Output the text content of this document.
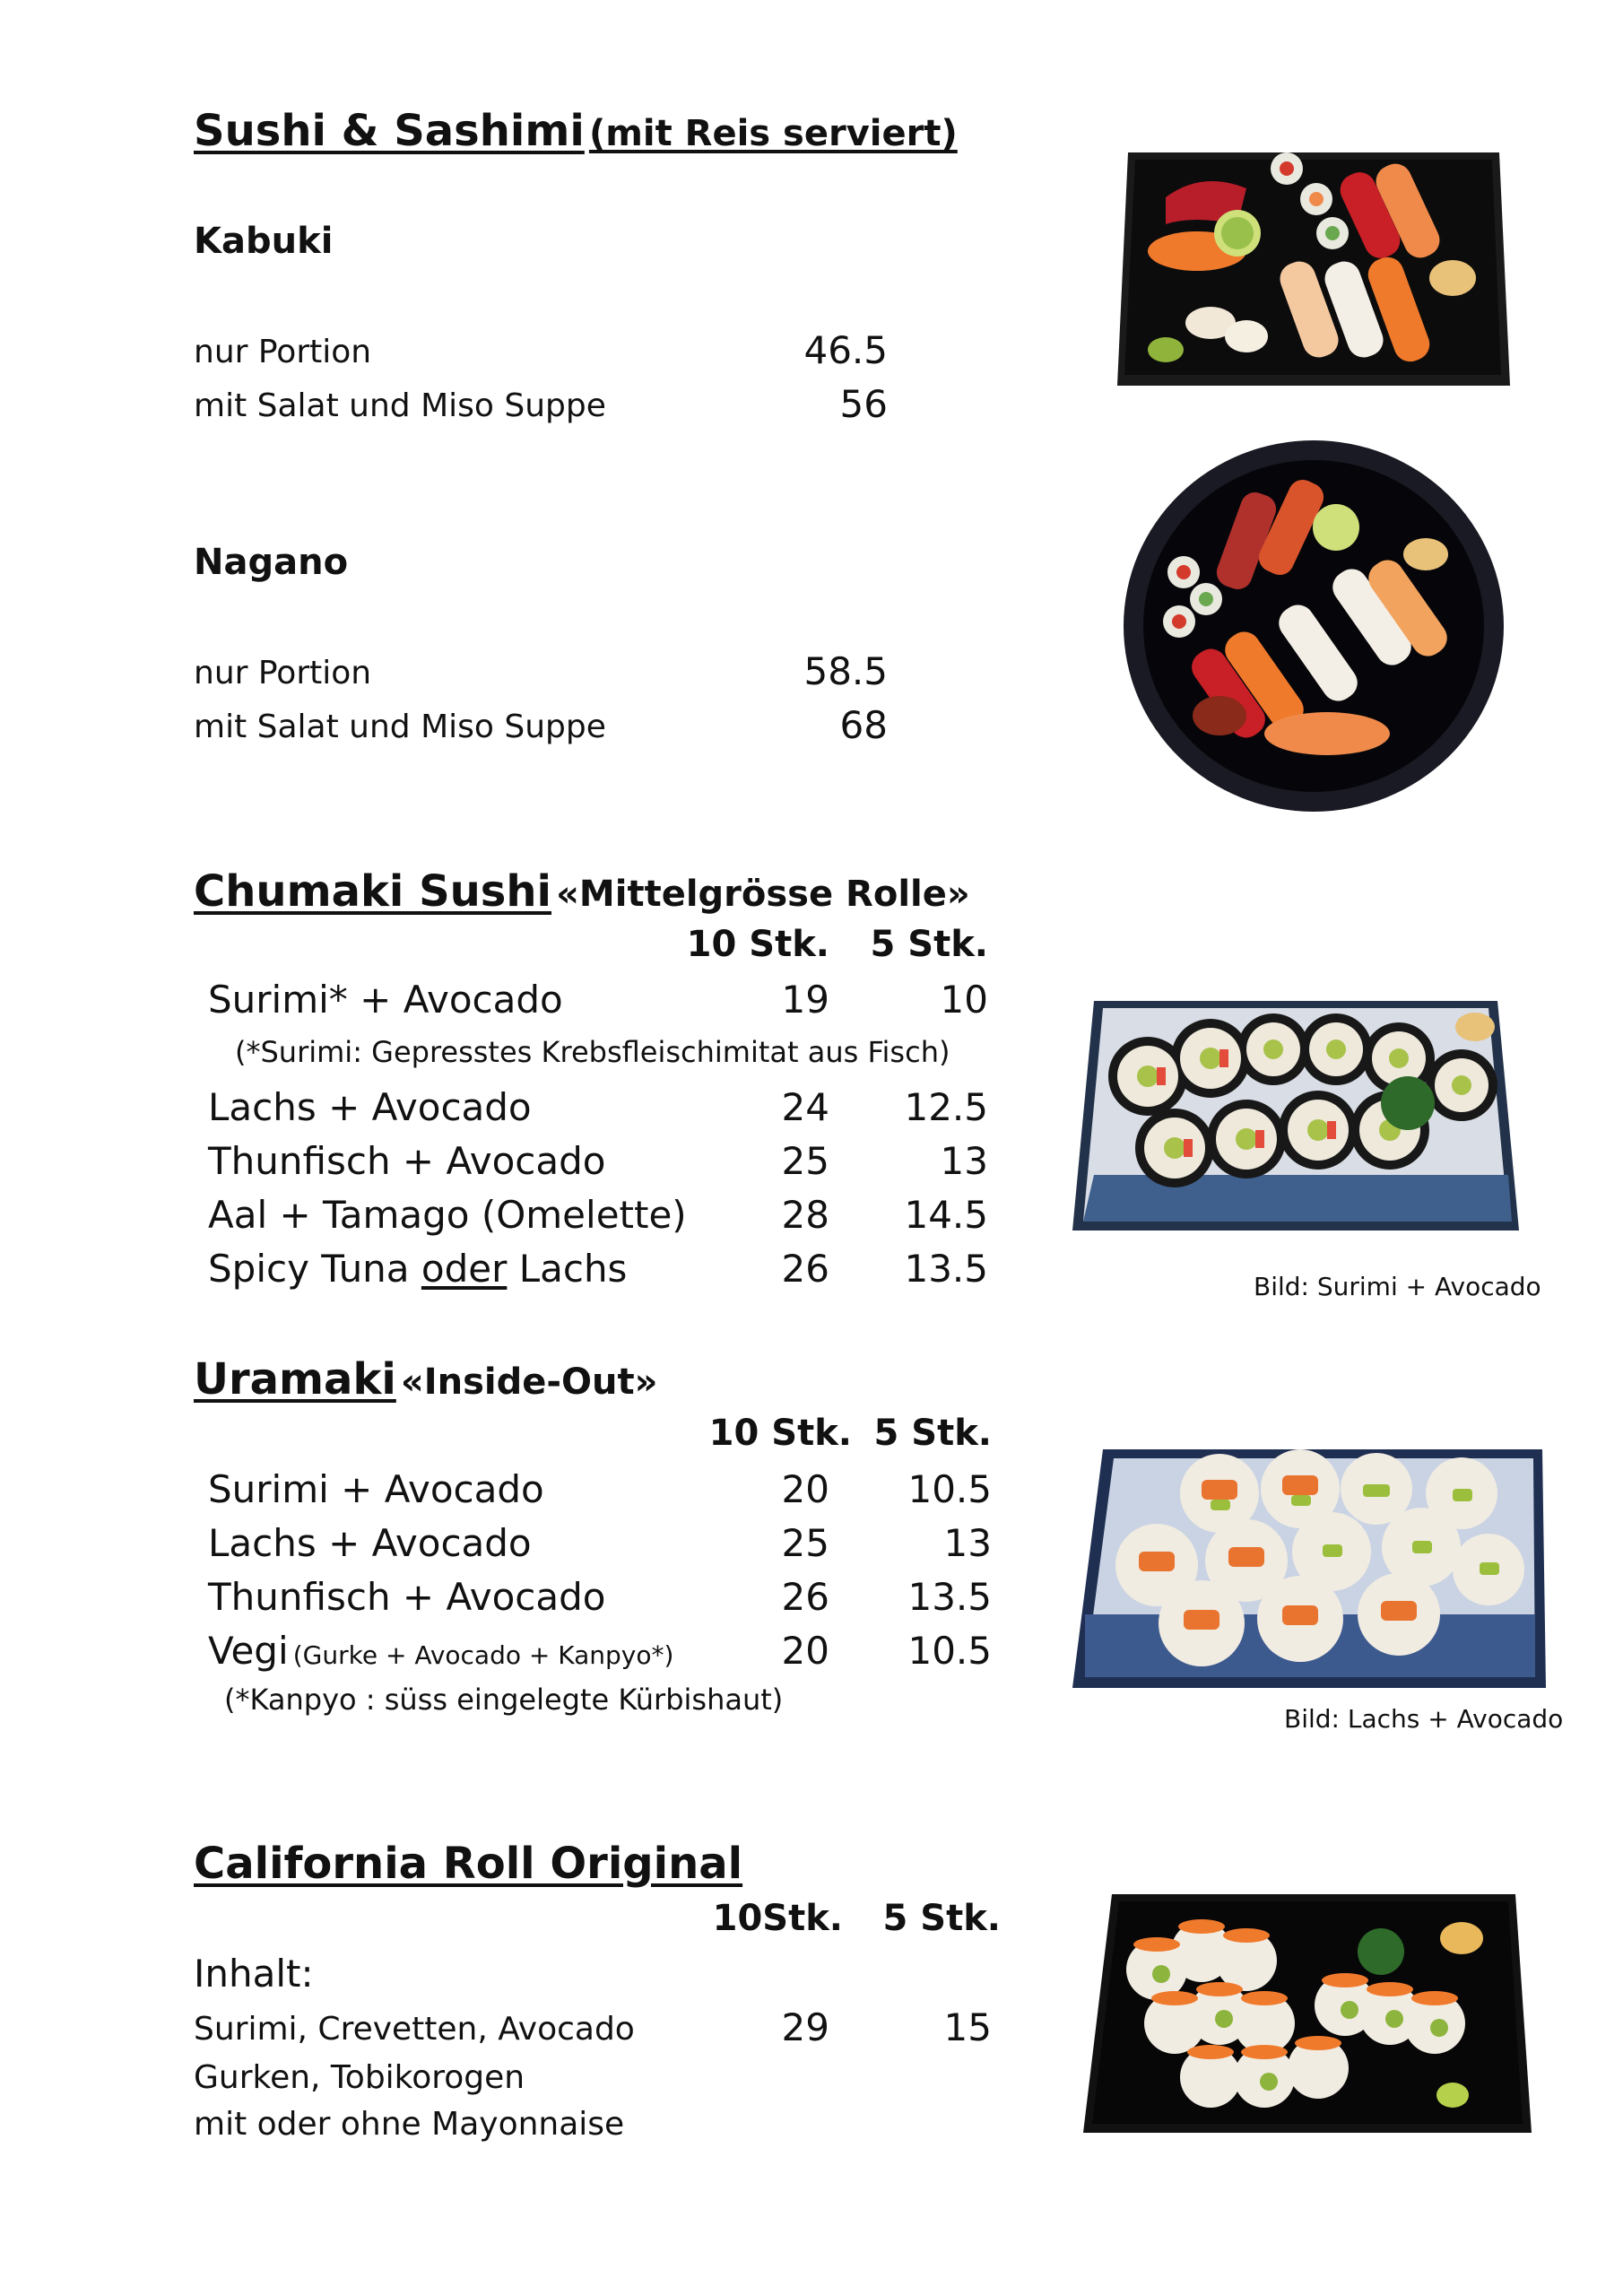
Sushi & Sashimi (mit Reis serviert)
Kabuki
nur Portion	46.5
mit Salat und Miso Suppe	56
Nagano
nur Portion	58.5
mit Salat und Miso Suppe	68
Chumaki Sushi «Mittelgrösse Rolle»
10 Stk. 5 Stk.
Surimi* + Avocado	19	10
(*Surimi: Gepresstes Krebsfleischimitat aus Fisch)
Lachs + Avocado	24	12.5
Thunfisch + Avocado	25	13
Aal + Tamago (Omelette)	28	14.5
Spicy Tuna oder Lachs	26	13.5	Bild: Surimi + Avocado
Uramaki «Inside-Out»
10 Stk. 5 Stk.
Surimi + Avocado	20	10.5
Lachs + Avocado	25	13
Thunfisch + Avocado	26	13.5
Vegi (Gurke + Avocado + Kanpyo*)	20	10.5
(*Kanpyo : süss eingelegte Kürbishaut)
Bild: Lachs + Avocado
California Roll Original
10Stk.	5 Stk.
Inhalt:
Surimi, Crevetten, Avocado	29	15
Gurken, Tobikorogen
mit oder ohne Mayonnaise
